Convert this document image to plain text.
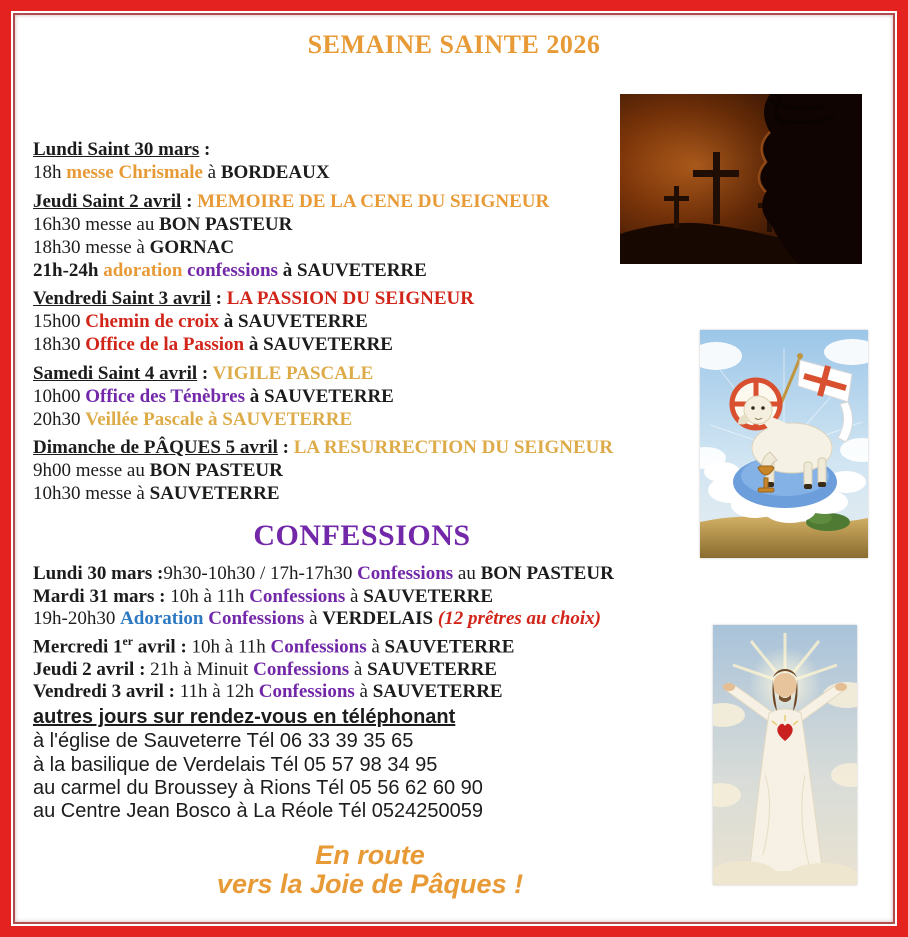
SEMAINE SAINTE 2026
Lundi Saint 30 mars :
18h messe Chrismale à BORDEAUX
Jeudi Saint 2 avril : MEMOIRE DE LA CENE DU SEIGNEUR
16h30 messe au BON PASTEUR
18h30 messe à GORNAC
21h-24h adoration confessions à SAUVETERRE
Vendredi Saint 3 avril : LA PASSION DU SEIGNEUR
15h00 Chemin de croix à SAUVETERRE
18h30 Office de la Passion à SAUVETERRE
Samedi Saint 4 avril : VIGILE PASCALE
10h00 Office des Ténèbres à SAUVETERRE
20h30 Veillée Pascale à SAUVETERRE
Dimanche de PÂQUES 5 avril : LA RESURRECTION DU SEIGNEUR
9h00 messe au BON PASTEUR
10h30 messe à SAUVETERRE
CONFESSIONS
Lundi 30 mars :9h30-10h30 / 17h-17h30 Confessions au BON PASTEUR
Mardi 31 mars : 10h à 11h Confessions à SAUVETERRE
19h-20h30 Adoration Confessions à VERDELAIS (12 prêtres au choix)
Mercredi 1er avril : 10h à 11h Confessions à SAUVETERRE
Jeudi 2 avril : 21h à Minuit Confessions à SAUVETERRE
Vendredi 3 avril : 11h à 12h Confessions à SAUVETERRE

autres jours sur rendez-vous en téléphonant

à l'église de Sauveterre Tél 06 33 39 35 65
à la basilique de Verdelais Tél 05 57 98 34 95
au carmel du Broussey à Rions Tél 05 56 62 60 90
au Centre Jean Bosco à La Réole Tél 0524250059
En route
vers la Joie de Pâques !
